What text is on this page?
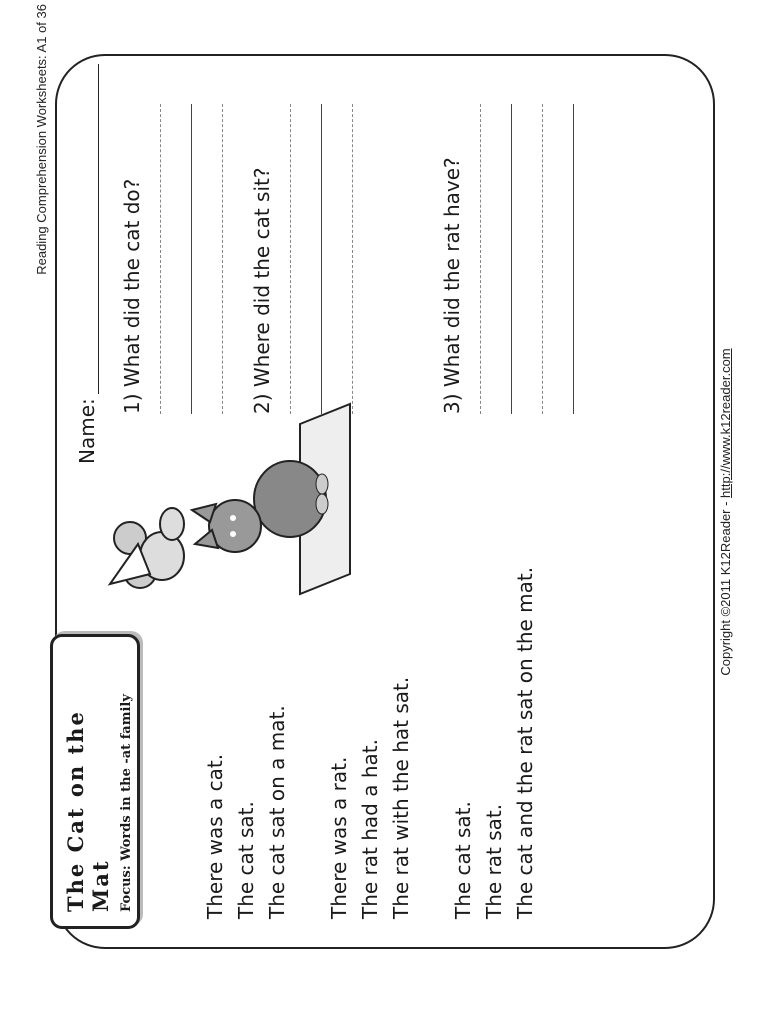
Reading Comprehension Worksheets: A1 of 36
The Cat on the Mat Focus: Words in the -at family	There was a cat. The cat sat. The cat sat on a mat. There was a rat. The rat had a hat. The rat with the hat sat. The cat sat. The rat sat. The cat and the rat sat on the mat.
Name:
1) What did the cat do?	2) Where did the cat sit?	3) What did the rat have?
Copyright ©2011 K12Reader - http://www.k12reader.com
